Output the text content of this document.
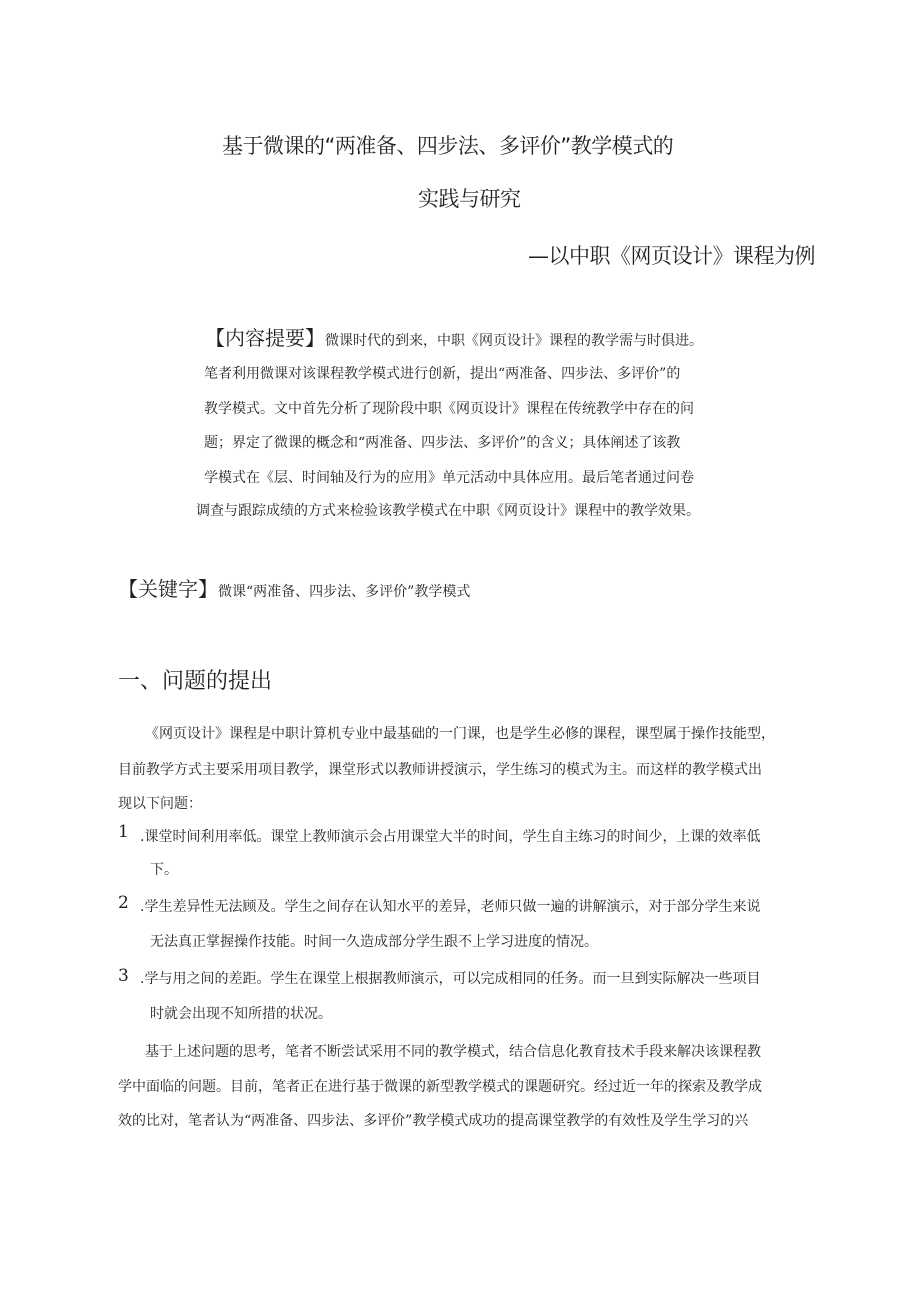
基于微课的“两准备、四步法、多评价”教学模式的
实践与研究
—以中职《网页设计》课程为例
【内容提要】微课时代的到来，中职《网页设计》课程的教学需与时俱进。
笔者利用微课对该课程教学模式进行创新，提出“两准备、四步法、多评价”的
教学模式。文中首先分析了现阶段中职《网页设计》课程在传统教学中存在的问
题；界定了微课的概念和“两准备、四步法、多评价”的含义；具体阐述了该教
学模式在《层、时间轴及行为的应用》单元活动中具体应用。最后笔者通过问卷
调查与跟踪成绩的方式来检验该教学模式在中职《网页设计》课程中的教学效果。
【关键字】微课“两准备、四步法、多评价”教学模式
一、问题的提出
《网页设计》课程是中职计算机专业中最基础的一门课，也是学生必修的课程，课型属于操作技能型，
目前教学方式主要采用项目教学，课堂形式以教师讲授演示，学生练习的模式为主。而这样的教学模式出
现以下问题：
1 .课堂时间利用率低。课堂上教师演示会占用课堂大半的时间，学生自主练习的时间少，上课的效率低
下。
2 .学生差异性无法顾及。学生之间存在认知水平的差异，老师只做一遍的讲解演示，对于部分学生来说
无法真正掌握操作技能。时间一久造成部分学生跟不上学习进度的情况。
3 .学与用之间的差距。学生在课堂上根据教师演示，可以完成相同的任务。而一旦到实际解决一些项目
时就会出现不知所措的状况。
基于上述问题的思考，笔者不断尝试采用不同的教学模式，结合信息化教育技术手段来解决该课程教
学中面临的问题。目前，笔者正在进行基于微课的新型教学模式的课题研究。经过近一年的探索及教学成
效的比对，笔者认为“两准备、四步法、多评价”教学模式成功的提高课堂教学的有效性及学生学习的兴
